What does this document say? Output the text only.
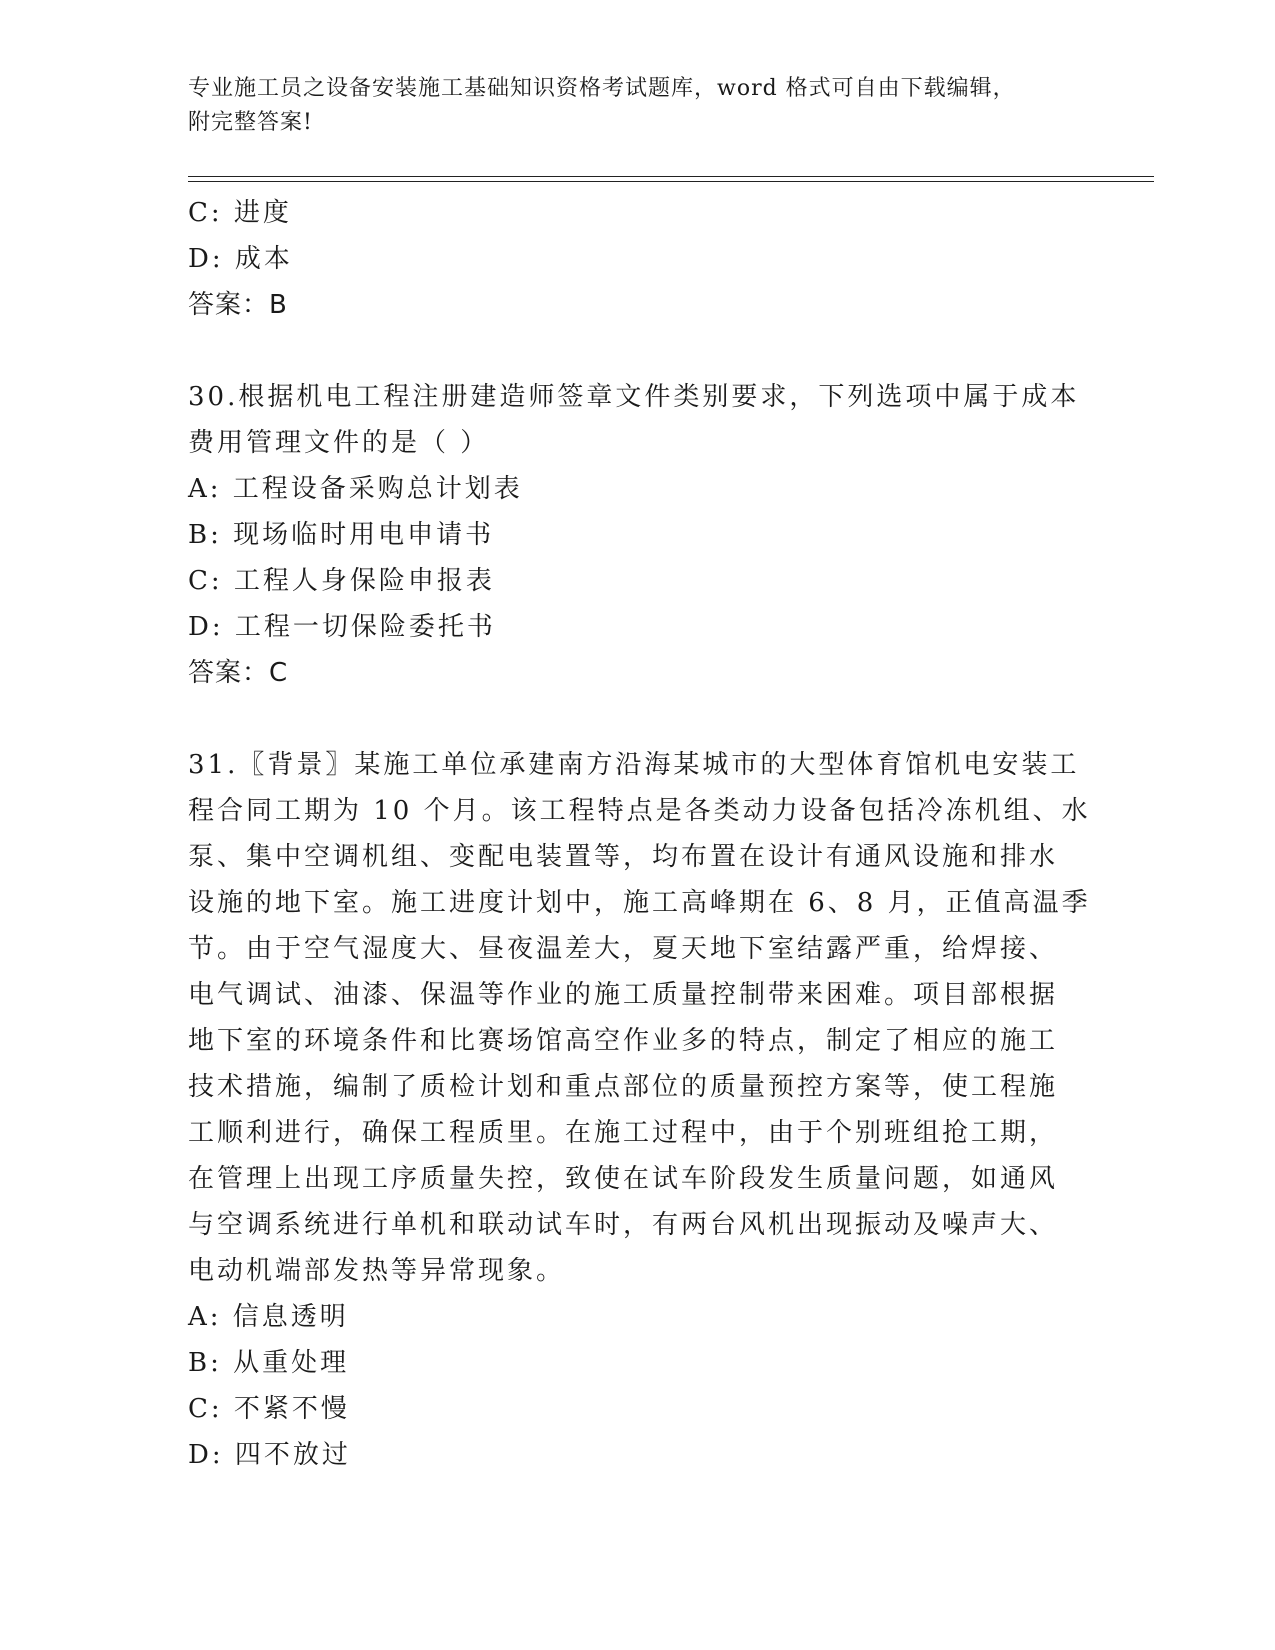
专业施工员之设备安装施工基础知识资格考试题库，word 格式可自由下载编辑，
附完整答案!
C: 进度
D: 成本
答案：B
30.根据机电工程注册建造师签章文件类别要求，下列选项中属于成本
费用管理文件的是（ ）
A: 工程设备采购总计划表
B: 现场临时用电申请书
C: 工程人身保险申报表
D: 工程一切保险委托书
答案：C
31.〖背景〗某施工单位承建南方沿海某城市的大型体育馆机电安装工
程合同工期为 10 个月。该工程特点是各类动力设备包括冷冻机组、水
泵、集中空调机组、变配电装置等，均布置在设计有通风设施和排水
设施的地下室。施工进度计划中，施工高峰期在 6、8 月，正值高温季
节。由于空气湿度大、昼夜温差大，夏天地下室结露严重，给焊接、
电气调试、油漆、保温等作业的施工质量控制带来困难。项目部根据
地下室的环境条件和比赛场馆高空作业多的特点，制定了相应的施工
技术措施，编制了质检计划和重点部位的质量预控方案等，使工程施
工顺利进行，确保工程质里。在施工过程中，由于个别班组抢工期，
在管理上出现工序质量失控，致使在试车阶段发生质量问题，如通风
与空调系统进行单机和联动试车时，有两台风机出现振动及噪声大、
电动机端部发热等异常现象。
A: 信息透明
B: 从重处理
C: 不紧不慢
D: 四不放过
